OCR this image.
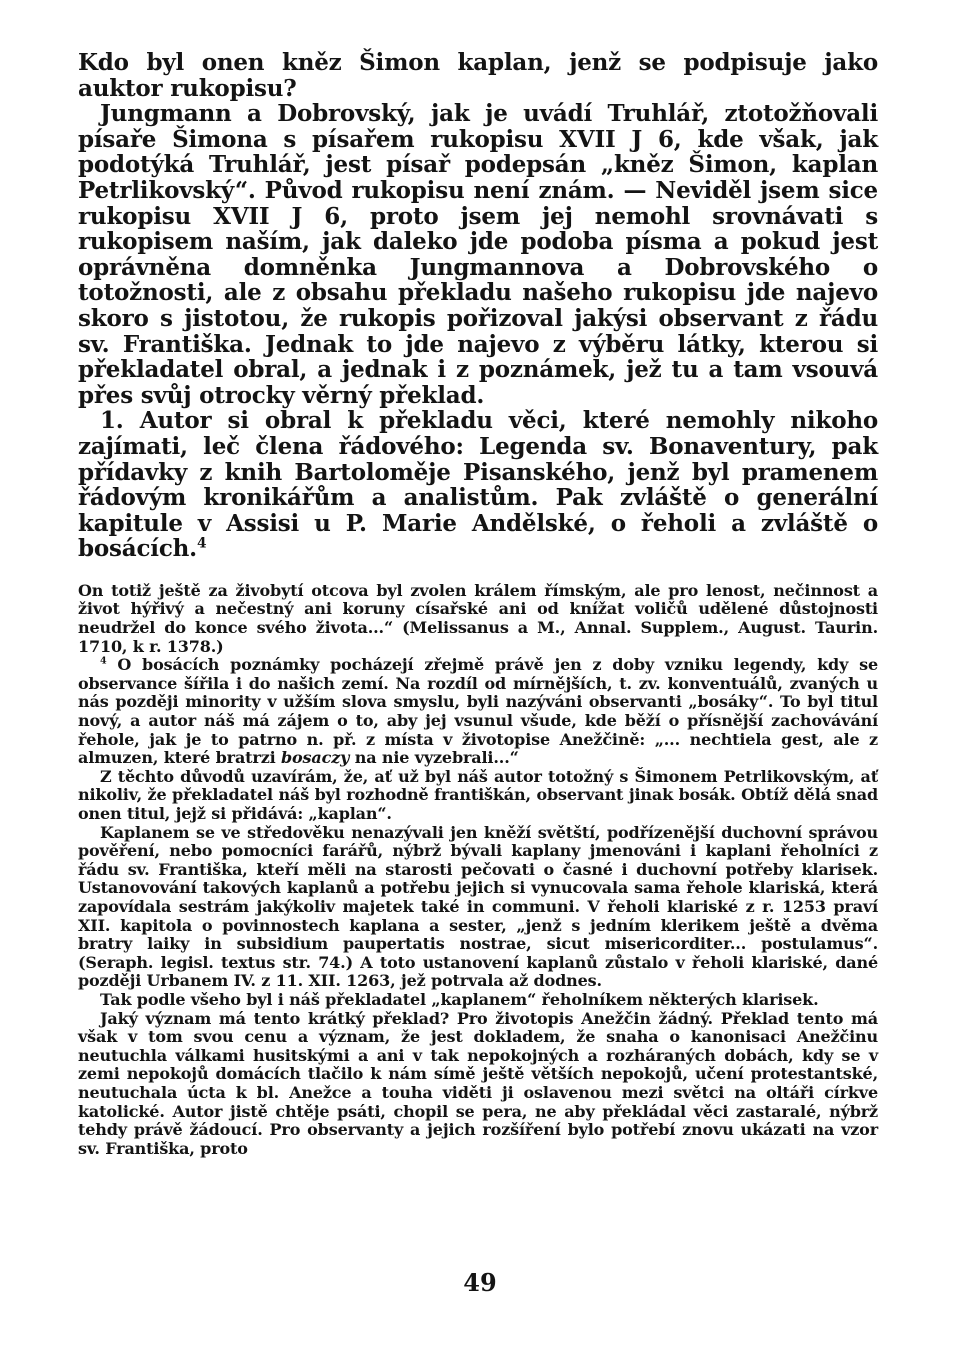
Kdo byl onen kněz Šimon kaplan, jenž se podpisuje jako auktor rukopisu?

Jungmann a Dobrovský, jak je uvádí Truhlář, ztotožňovali písaře Šimona s písařem rukopisu XVII J 6, kde však, jak podotýká Truhlář, jest písař podepsán „kněz Šimon, kaplan Petrlikovský“. Původ rukopisu není znám. — Neviděl jsem sice rukopisu XVII J 6, proto jsem jej nemohl srovnávati s rukopisem naším, jak daleko jde podoba písma a pokud jest oprávněna domněnka Jungmannova a Dobrovského o totožnosti, ale z obsahu překladu našeho rukopisu jde najevo skoro s jistotou, že rukopis pořizoval jakýsi observant z řádu sv. Františka. Jednak to jde najevo z výběru látky, kterou si překladatel obral, a jednak i z poznámek, jež tu a tam vsouvá přes svůj otrocky věrný překlad.

1. Autor si obral k překladu věci, které nemohly nikoho zajímati, leč člena řádového: Legenda sv. Bonaventury, pak přídavky z knih Bartoloměje Pisanského, jenž byl pramenem řádovým kronikářům a analistům. Pak zvláště o generální kapitule v Assisi u P. Marie Andělské, o řeholi a zvláště o bosácích.$^4$

On totiž ještě za živobytí otcova byl zvolen králem římským, ale pro lenost, nečinnost a život hýřivý a nečestný ani koruny císařské ani od knížat voličů udělené důstojnosti neudržel do konce svého života...“ (Melissanus a M., Annal. Supplem., August. Taurin. 1710, k r. 1378.)

$^4$ O bosácích poznámky pocházejí zřejmě právě jen z doby vzniku legendy, kdy se observance šířila i do našich zemí. Na rozdíl od mírnějších, t. zv. konventuálů, zvaných u nás později minority v užším slova smyslu, byli nazýváni observanti „bosáky“. To byl titul nový, a autor náš má zájem o to, aby jej vsunul všude, kde běží o přísnější zachovávání řehole, jak je to patrno n. př. z místa v životopise Anežčině: „... nechtiela gest, ale z almuzen, které bratrzi bosaczy na nie vyzebrali...“

Z těchto důvodů uzavírám, že, ať už byl náš autor totožný s Šimonem Petrlikovským, ať nikoliv, že překladatel náš byl rozhodně františkán, observant jinak bosák. Obtíž dělá snad onen titul, jejž si přidává: „kaplan“.

Kaplanem se ve středověku nenazývali jen kněží světští, podřízenější duchovní správou pověření, nebo pomocníci farářů, nýbrž bývali kaplany jmenováni i kaplani řeholníci z řádu sv. Františka, kteří měli na starosti pečovati o časné i duchovní potřeby klarisek. Ustanovování takových kaplanů a potřebu jejich si vynucovala sama řehole klariská, která zapovídala sestrám jakýkoliv majetek také in communi. V řeholi klariské z r. 1253 praví XII. kapitola o povinnostech kaplana a sester, „jenž s jedním klerikem ještě a dvěma bratry laiky in subsidium paupertatis nostrae, sicut misericorditer... postulamus“. (Seraph. legisl. textus str. 74.) A toto ustanovení kaplanů zůstalo v řeholi klariské, dané později Urbanem IV. z 11. XII. 1263, jež potrvala až dodnes.

Tak podle všeho byl i náš překladatel „kaplanem“ řeholníkem některých klarisek.

Jaký význam má tento krátký překlad? Pro životopis Anežčin žádný. Překlad tento má však v tom svou cenu a význam, že jest dokladem, že snaha o kanonisaci Anežčinu neutuchla válkami husitskými a ani v tak nepokojných a rozháraných dobách, kdy se v zemi nepokojů domácích tlačilo k nám símě ještě větších nepokojů, učení protestantské, neutuchala úcta k bl. Anežce a touha viděti ji oslavenou mezi světci na oltáři církve katolické. Autor jistě chtěje psáti, chopil se pera, ne aby překládal věci zastaralé, nýbrž tehdy právě žádoucí. Pro observanty a jejich rozšíření bylo potřebí znovu ukázati na vzor sv. Františka, proto

49
